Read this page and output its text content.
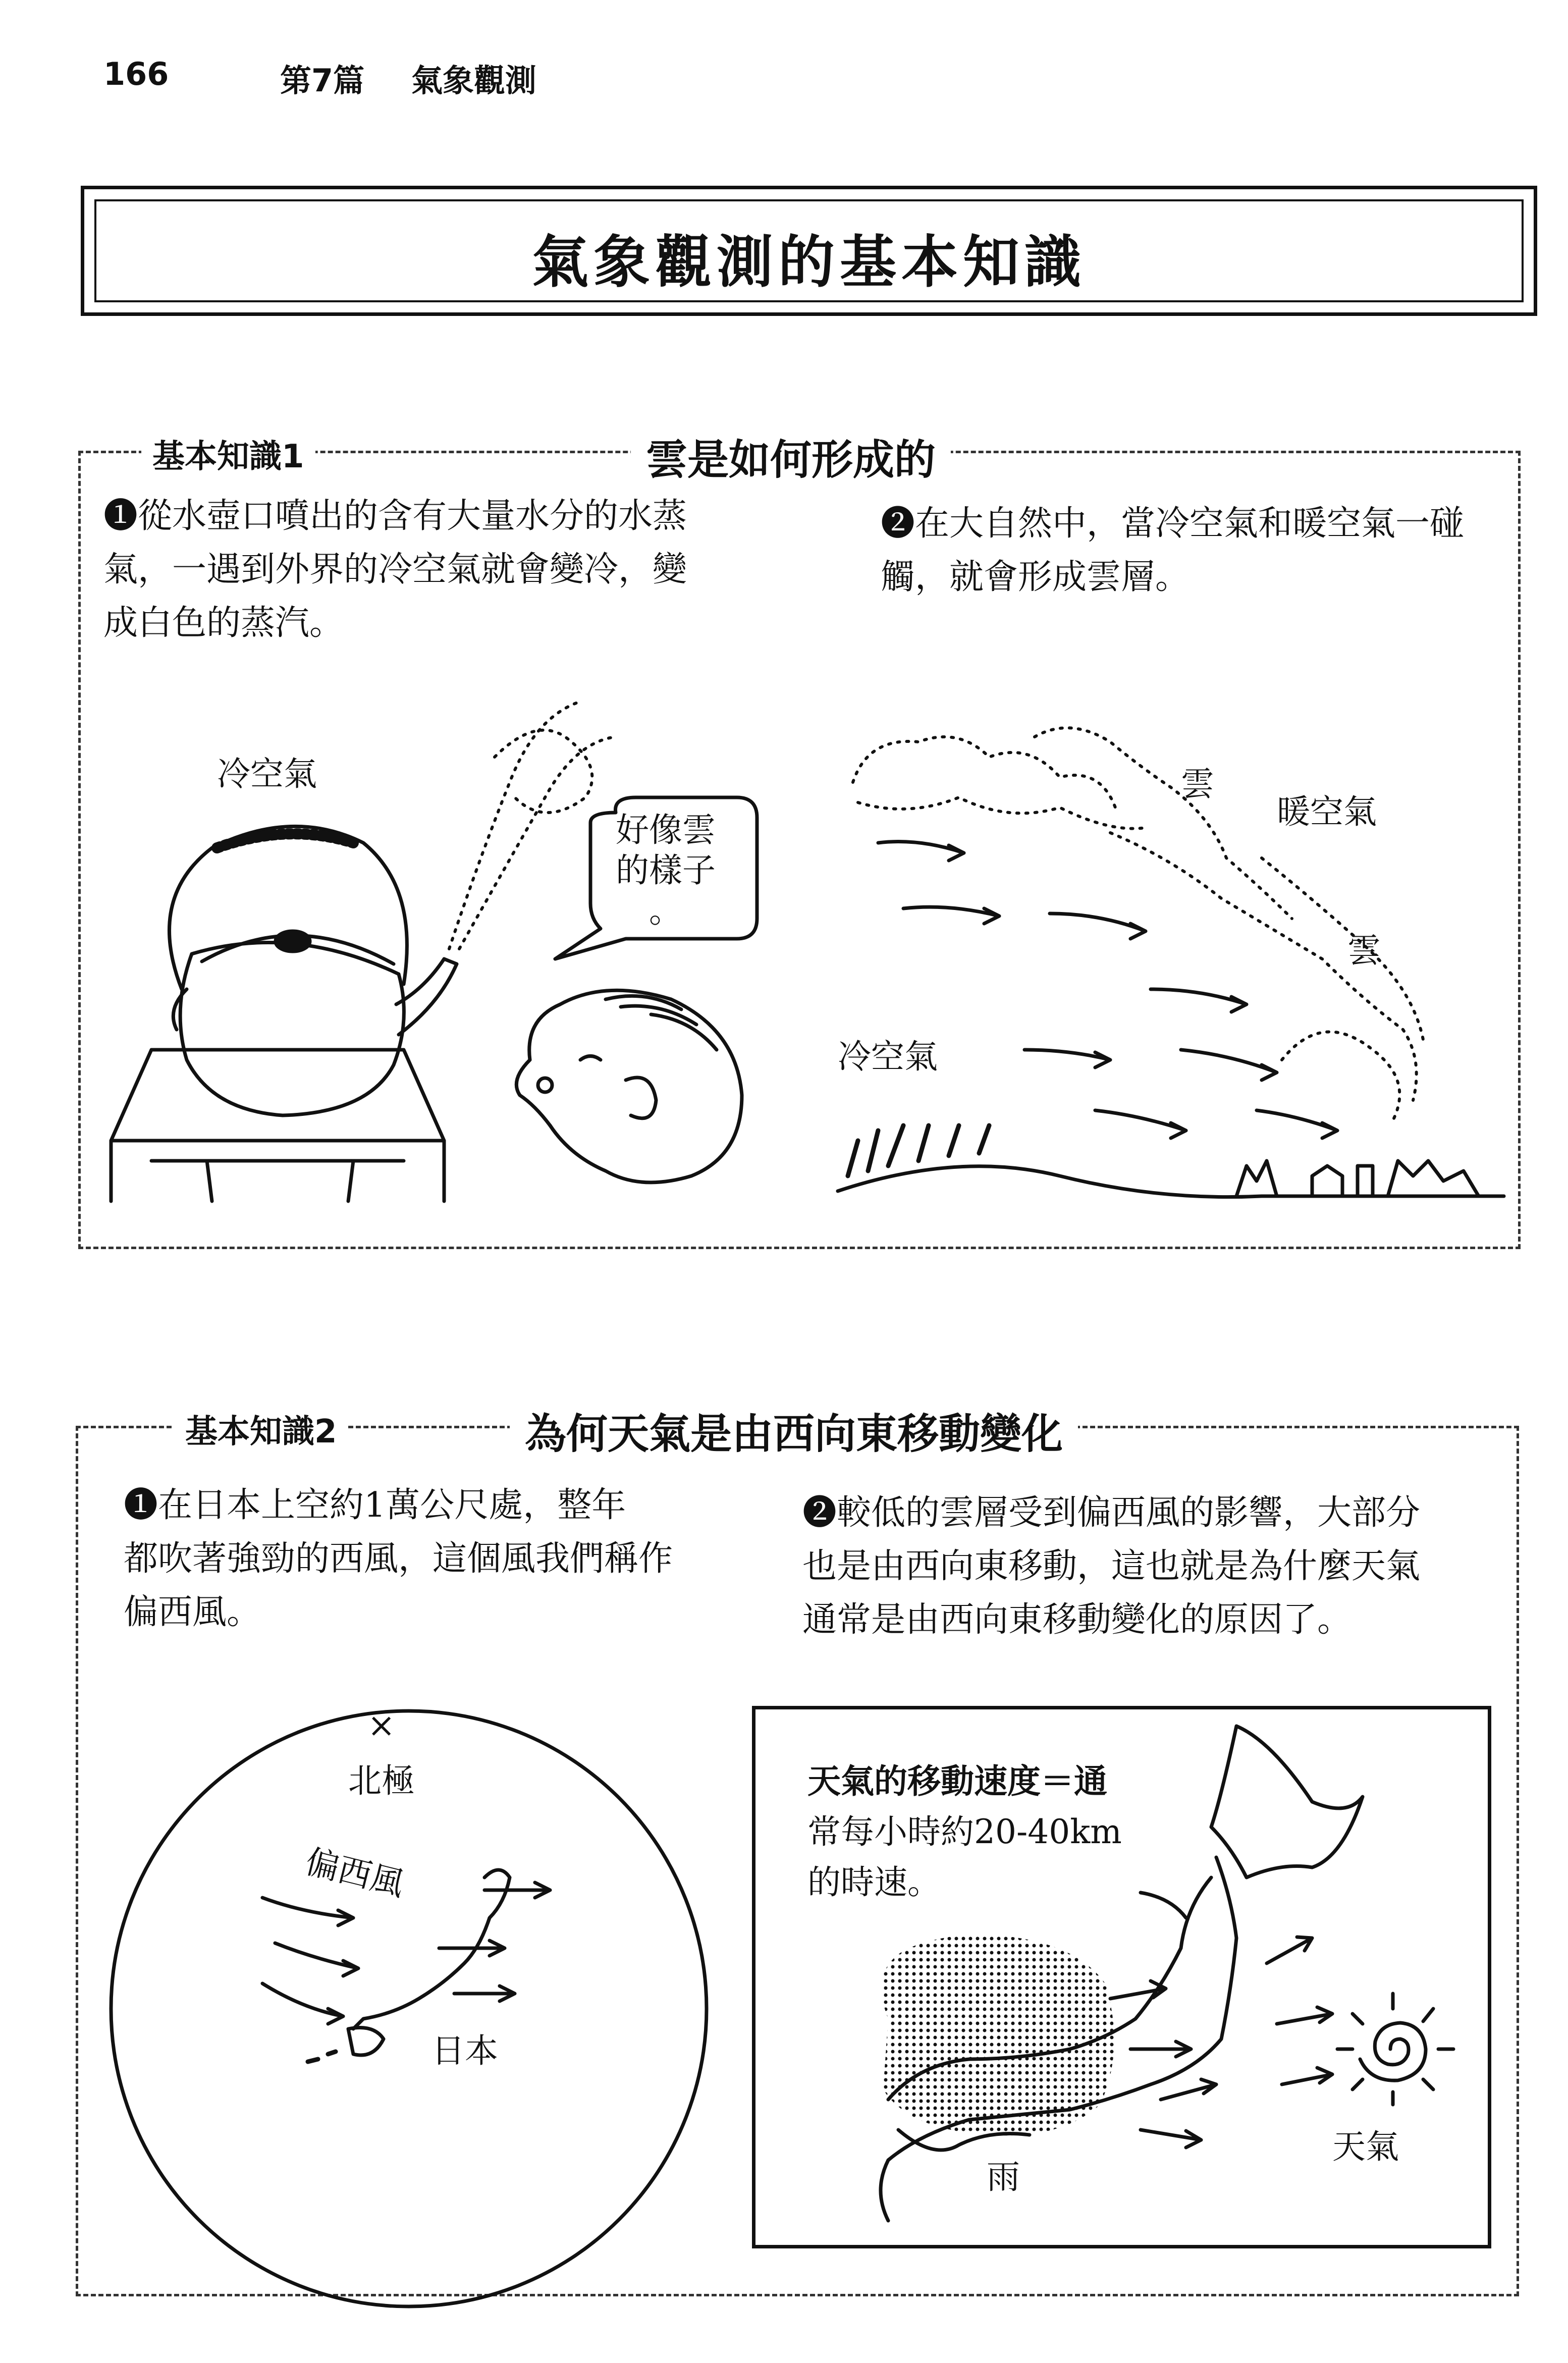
166	第7篇 氣象觀測
氣象觀測的基本知識
基本知識1	雲是如何形成的
❶從水壺口噴出的含有大量水分的水蒸
氣，一遇到外界的冷空氣就會變冷，變
成白色的蒸汽。
❷在大自然中，當冷空氣和暖空氣一碰
觸，就會形成雲層。
冷空氣
好像雲
的樣子
。
雲
暖空氣
雲
冷空氣
基本知識2	為何天氣是由西向東移動變化
❶在日本上空約1萬公尺處，整年
都吹著強勁的西風，這個風我們稱作
偏西風。
❷較低的雲層受到偏西風的影響，大部分
也是由西向東移動，這也就是為什麼天氣
通常是由西向東移動變化的原因了。
×
北極
偏西風
日本
天氣的移動速度＝通
常每小時約20-40km
的時速。
雨
天氣
